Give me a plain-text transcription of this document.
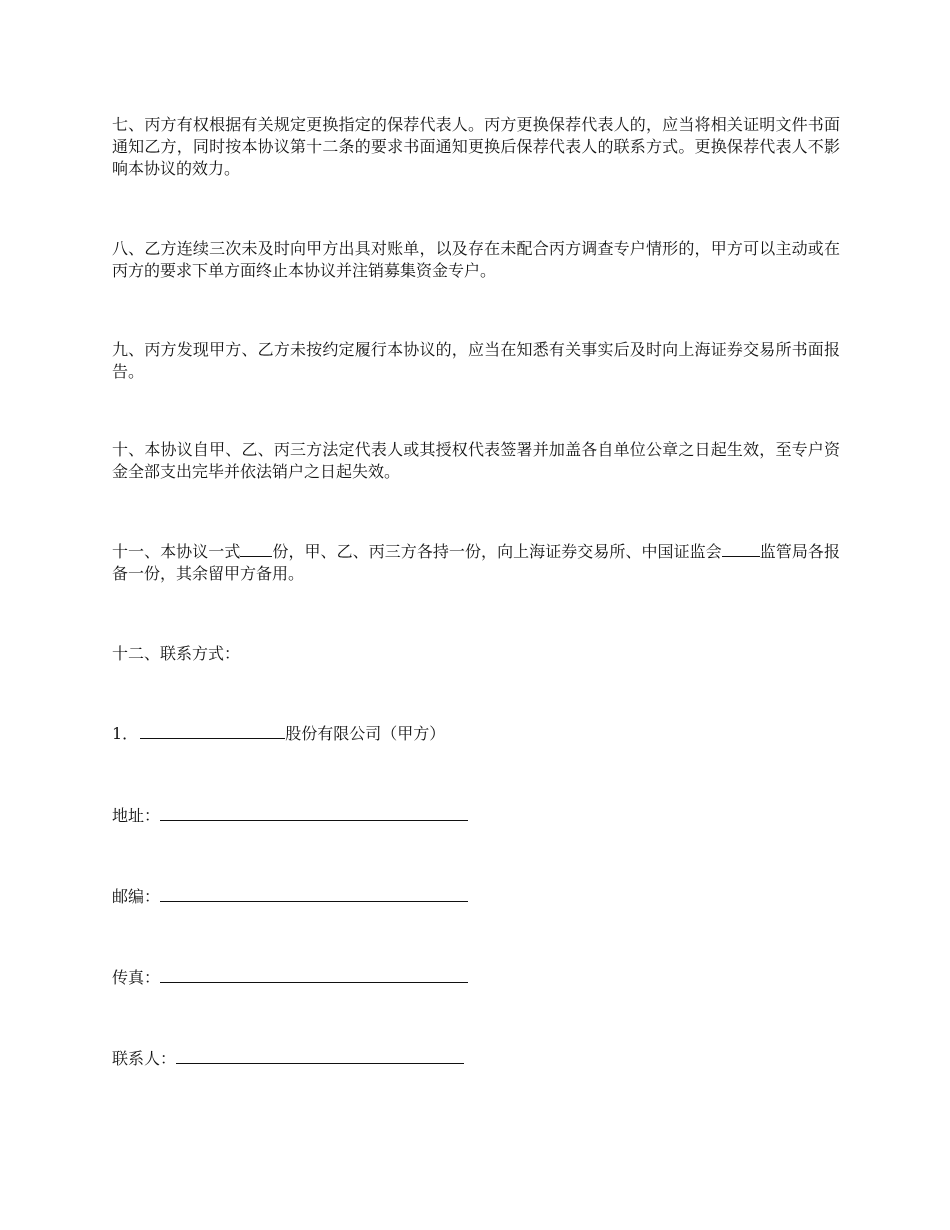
七、丙方有权根据有关规定更换指定的保荐代表人。丙方更换保荐代表人的，应当将相关证明文件书面通知乙方，同时按本协议第十二条的要求书面通知更换后保荐代表人的联系方式。更换保荐代表人不影响本协议的效力。

八、乙方连续三次未及时向甲方出具对账单，以及存在未配合丙方调查专户情形的，甲方可以主动或在丙方的要求下单方面终止本协议并注销募集资金专户。

九、丙方发现甲方、乙方未按约定履行本协议的，应当在知悉有关事实后及时向上海证券交易所书面报告。

十、本协议自甲、乙、丙三方法定代表人或其授权代表签署并加盖各自单位公章之日起生效，至专户资金全部支出完毕并依法销户之日起失效。

十一、本协议一式 份，甲、乙、丙三方各持一份，向上海证券交易所、中国证监会 监管局各报备一份，其余留甲方备用。

十二、联系方式：

1．	股份有限公司（甲方）

地址：

邮编：

传真：

联系人：
